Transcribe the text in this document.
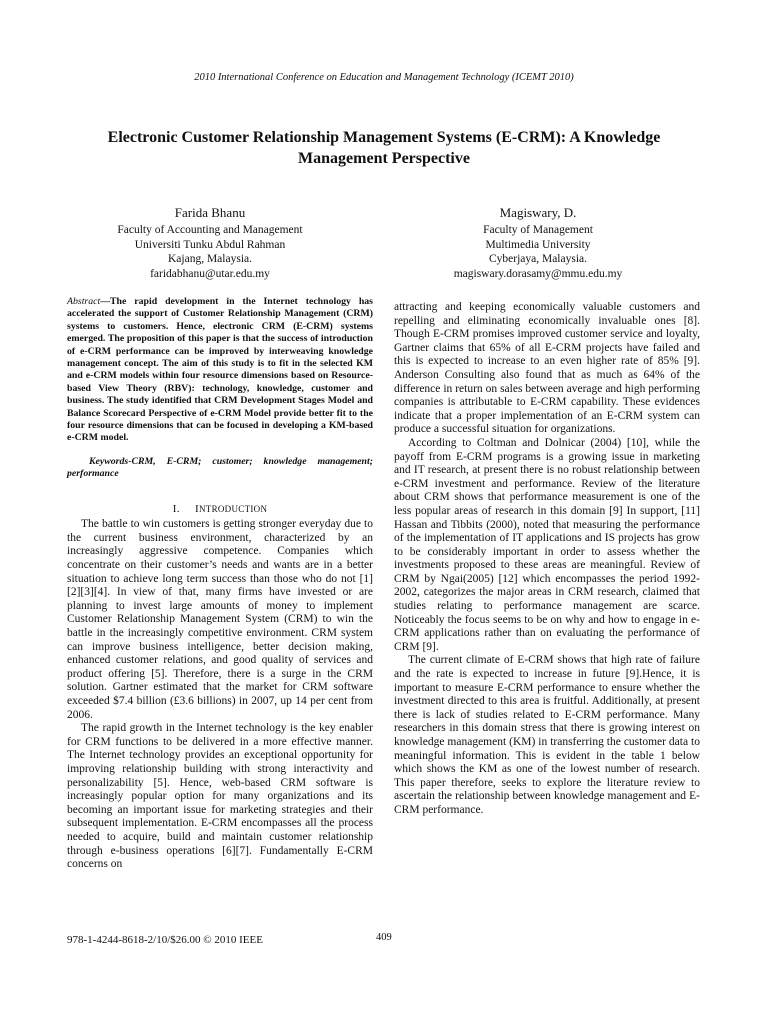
2010 International Conference on Education and Management Technology (ICEMT 2010)
Electronic Customer Relationship Management Systems (E-CRM): A Knowledge Management Perspective
Farida Bhanu
Faculty of Accounting and Management
Universiti Tunku Abdul Rahman
Kajang, Malaysia.
faridabhanu@utar.edu.my
Magiswary, D.
Faculty of Management
Multimedia University
Cyberjaya, Malaysia.
magiswary.dorasamy@mmu.edu.my

Abstract—The rapid development in the Internet technology has accelerated the support of Customer Relationship Management (CRM) systems to customers. Hence, electronic CRM (E-CRM) systems emerged. The proposition of this paper is that the success of introduction of e-CRM performance can be improved by interweaving knowledge management concept. The aim of this study is to fit in the selected KM and e-CRM models within four resource dimensions based on Resource-based View Theory (RBV): technology, knowledge, customer and business. The study identified that CRM Development Stages Model and Balance Scorecard Perspective of e-CRM Model provide better fit to the four resource dimensions that can be focused in developing a KM-based e-CRM model.

Keywords-CRM, E-CRM; customer; knowledge management; performance

I. INTRODUCTION

The battle to win customers is getting stronger everyday due to the current business environment, characterized by an increasingly aggressive competence. Companies which concentrate on their customer’s needs and wants are in a better situation to achieve long term success than those who do not [1][2][3][4]. In view of that, many firms have invested or are planning to invest large amounts of money to implement Customer Relationship Management System (CRM) to win the battle in the increasingly competitive environment. CRM system can improve business intelligence, better decision making, enhanced customer relations, and good quality of services and product offering [5]. Therefore, there is a surge in the CRM solution. Gartner estimated that the market for CRM software exceeded $7.4 billion (£3.6 billions) in 2007, up 14 per cent from 2006.

The rapid growth in the Internet technology is the key enabler for CRM functions to be delivered in a more effective manner. The Internet technology provides an exceptional opportunity for improving relationship building with strong interactivity and personalizability [5]. Hence, web-based CRM software is increasingly popular option for many organizations and its becoming an important issue for marketing strategies and their subsequent implementation. E-CRM encompasses all the process needed to acquire, build and maintain customer relationship through e-business operations [6][7]. Fundamentally E-CRM concerns on

attracting and keeping economically valuable customers and repelling and eliminating economically invaluable ones [8]. Though E-CRM promises improved customer service and loyalty, Gartner claims that 65% of all E-CRM projects have failed and this is expected to increase to an even higher rate of 85% [9]. Anderson Consulting also found that as much as 64% of the difference in return on sales between average and high performing companies is attributable to E-CRM capability. These evidences indicate that a proper implementation of an E-CRM system can produce a successful situation for organizations.

According to Coltman and Dolnicar (2004) [10], while the payoff from E-CRM programs is a growing issue in marketing and IT research, at present there is no robust relationship between e-CRM investment and performance. Review of the literature about CRM shows that performance measurement is one of the less popular areas of research in this domain [9] In support, [11] Hassan and Tibbits (2000), noted that measuring the performance of the implementation of IT applications and IS projects has grow to be considerably important in order to assess whether the investments proposed to these areas are meaningful. Review of CRM by Ngai(2005) [12] which encompasses the period 1992-2002, categorizes the major areas in CRM research, claimed that studies relating to performance management are scarce. Noticeably the focus seems to be on why and how to engage in e-CRM applications rather than on evaluating the performance of CRM [9].

The current climate of E-CRM shows that high rate of failure and the rate is expected to increase in future [9].Hence, it is important to measure E-CRM performance to ensure whether the investment directed to this area is fruitful. Additionally, at present there is lack of studies related to E-CRM performance. Many researchers in this domain stress that there is growing interest on knowledge management (KM) in transferring the customer data to meaningful information. This is evident in the table 1 below which shows the KM as one of the lowest number of research. This paper therefore, seeks to explore the literature review to ascertain the relationship between knowledge management and E-CRM performance.

978-1-4244-8618-2/10/$26.00 © 2010 IEEE	409
